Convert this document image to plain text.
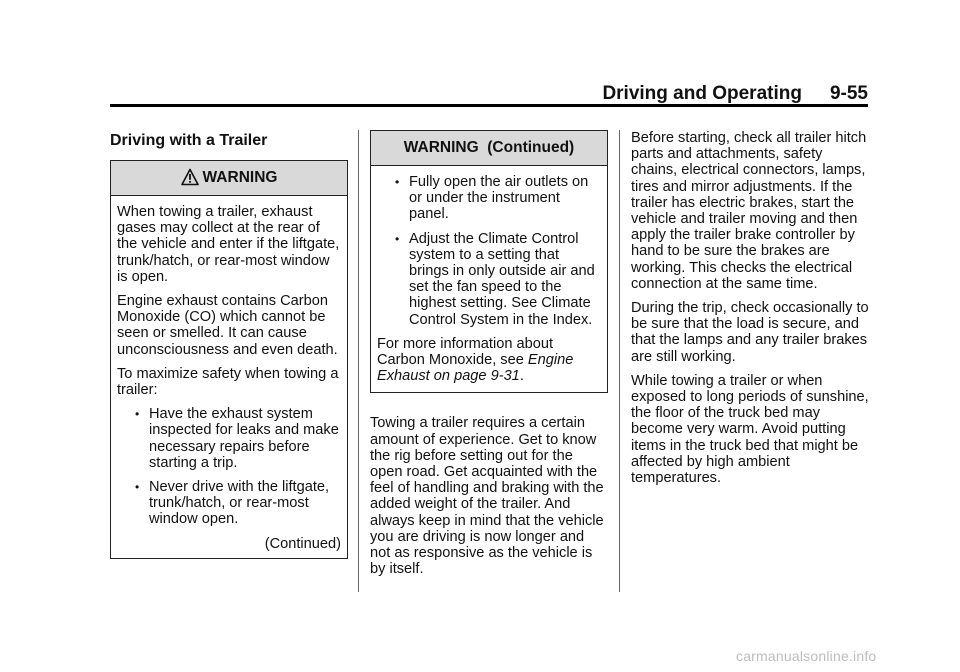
Driving and Operating 9-55
Driving with a Trailer
WARNING

When towing a trailer, exhaust gases may collect at the rear of the vehicle and enter if the liftgate, trunk/hatch, or rear-most window is open.

Engine exhaust contains Carbon Monoxide (CO) which cannot be seen or smelled. It can cause unconsciousness and even death.

To maximize safety when towing a trailer:

• Have the exhaust system inspected for leaks and make necessary repairs before starting a trip.
• Never drive with the liftgate, trunk/hatch, or rear-most window open.

(Continued)

WARNING  (Continued)
• Fully open the air outlets on or under the instrument panel.
• Adjust the Climate Control system to a setting that brings in only outside air and set the fan speed to the highest setting. See Climate Control System in the Index.

For more information about Carbon Monoxide, see Engine Exhaust on page 9-31.

Towing a trailer requires a certain amount of experience. Get to know the rig before setting out for the open road. Get acquainted with the feel of handling and braking with the added weight of the trailer. And always keep in mind that the vehicle you are driving is now longer and not as responsive as the vehicle is by itself.

Before starting, check all trailer hitch parts and attachments, safety chains, electrical connectors, lamps, tires and mirror adjustments. If the trailer has electric brakes, start the vehicle and trailer moving and then apply the trailer brake controller by hand to be sure the brakes are working. This checks the electrical connection at the same time.

During the trip, check occasionally to be sure that the load is secure, and that the lamps and any trailer brakes are still working.

While towing a trailer or when exposed to long periods of sunshine, the floor of the truck bed may become very warm. Avoid putting items in the truck bed that might be affected by high ambient temperatures.

carmanualsonline.info
